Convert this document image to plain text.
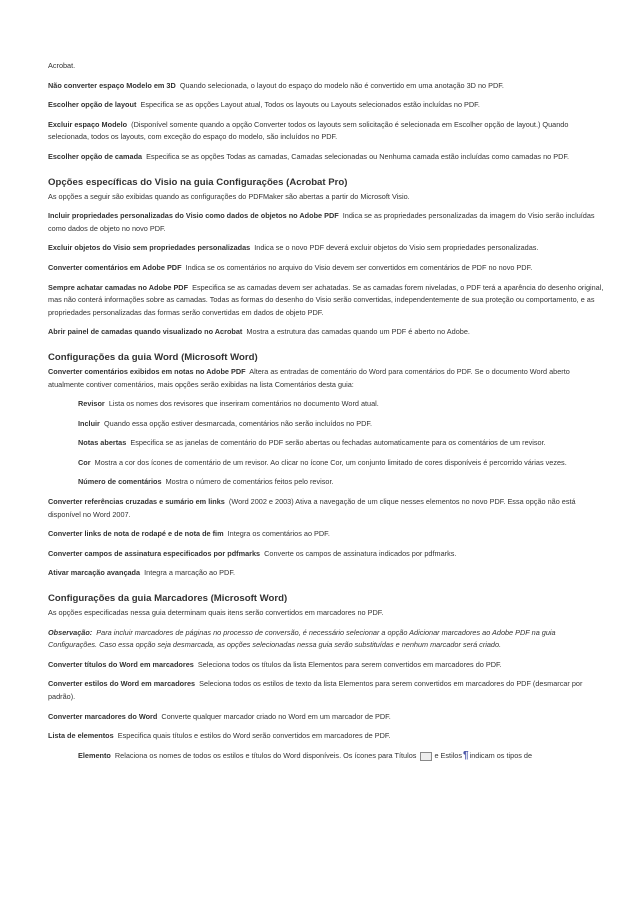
Acrobat.

Não converter espaço Modelo em 3D Quando selecionada, o layout do espaço do modelo não é convertido em uma anotação 3D no PDF.

Escolher opção de layout Especifica se as opções Layout atual, Todos os layouts ou Layouts selecionados estão incluídas no PDF.

Excluir espaço Modelo (Disponível somente quando a opção Converter todos os layouts sem solicitação é selecionada em Escolher opção de layout.) Quando selecionada, todos os layouts, com exceção do espaço do modelo, são incluídos no PDF.

Escolher opção de camada Especifica se as opções Todas as camadas, Camadas selecionadas ou Nenhuma camada estão incluídas como camadas no PDF.

Opções específicas do Visio na guia Configurações (Acrobat Pro)

As opções a seguir são exibidas quando as configurações do PDFMaker são abertas a partir do Microsoft Visio.

Incluir propriedades personalizadas do Visio como dados de objetos no Adobe PDF Indica se as propriedades personalizadas da imagem do Visio serão incluídas como dados de objeto no novo PDF.

Excluir objetos do Visio sem propriedades personalizadas Indica se o novo PDF deverá excluir objetos do Visio sem propriedades personalizadas.

Converter comentários em Adobe PDF Indica se os comentários no arquivo do Visio devem ser convertidos em comentários de PDF no novo PDF.

Sempre achatar camadas no Adobe PDF Especifica se as camadas devem ser achatadas. Se as camadas forem niveladas, o PDF terá a aparência do desenho original, mas não conterá informações sobre as camadas. Todas as formas do desenho do Visio serão convertidas, independentemente de sua proteção ou comportamento, e as propriedades personalizadas das formas serão convertidas em dados de objeto PDF.

Abrir painel de camadas quando visualizado no Acrobat Mostra a estrutura das camadas quando um PDF é aberto no Adobe.

Configurações da guia Word (Microsoft Word)

Converter comentários exibidos em notas no Adobe PDF Altera as entradas de comentário do Word para comentários do PDF. Se o documento Word aberto atualmente contiver comentários, mais opções serão exibidas na lista Comentários desta guia:

Revisor Lista os nomes dos revisores que inseriram comentários no documento Word atual.

Incluir Quando essa opção estiver desmarcada, comentários não serão incluídos no PDF.

Notas abertas Especifica se as janelas de comentário do PDF serão abertas ou fechadas automaticamente para os comentários de um revisor.

Cor Mostra a cor dos ícones de comentário de um revisor. Ao clicar no ícone Cor, um conjunto limitado de cores disponíveis é percorrido várias vezes.

Número de comentários Mostra o número de comentários feitos pelo revisor.

Converter referências cruzadas e sumário em links (Word 2002 e 2003) Ativa a navegação de um clique nesses elementos no novo PDF. Essa opção não está disponível no Word 2007.

Converter links de nota de rodapé e de nota de fim Integra os comentários ao PDF.

Converter campos de assinatura especificados por pdfmarks Converte os campos de assinatura indicados por pdfmarks.

Ativar marcação avançada Integra a marcação ao PDF.

Configurações da guia Marcadores (Microsoft Word)

As opções especificadas nessa guia determinam quais itens serão convertidos em marcadores no PDF.

Observação: Para incluir marcadores de páginas no processo de conversão, é necessário selecionar a opção Adicionar marcadores ao Adobe PDF na guia Configurações. Caso essa opção seja desmarcada, as opções selecionadas nessa guia serão substituídas e nenhum marcador será criado.

Converter títulos do Word em marcadores Seleciona todos os títulos da lista Elementos para serem convertidos em marcadores do PDF.

Converter estilos do Word em marcadores Seleciona todos os estilos de texto da lista Elementos para serem convertidos em marcadores do PDF (desmarcar por padrão).

Converter marcadores do Word Converte qualquer marcador criado no Word em um marcador de PDF.

Lista de elementos Especifica quais títulos e estilos do Word serão convertidos em marcadores de PDF.

Elemento Relaciona os nomes de todos os estilos e títulos do Word disponíveis. Os ícones para Títulos e Estilos¶indicam os tipos de
